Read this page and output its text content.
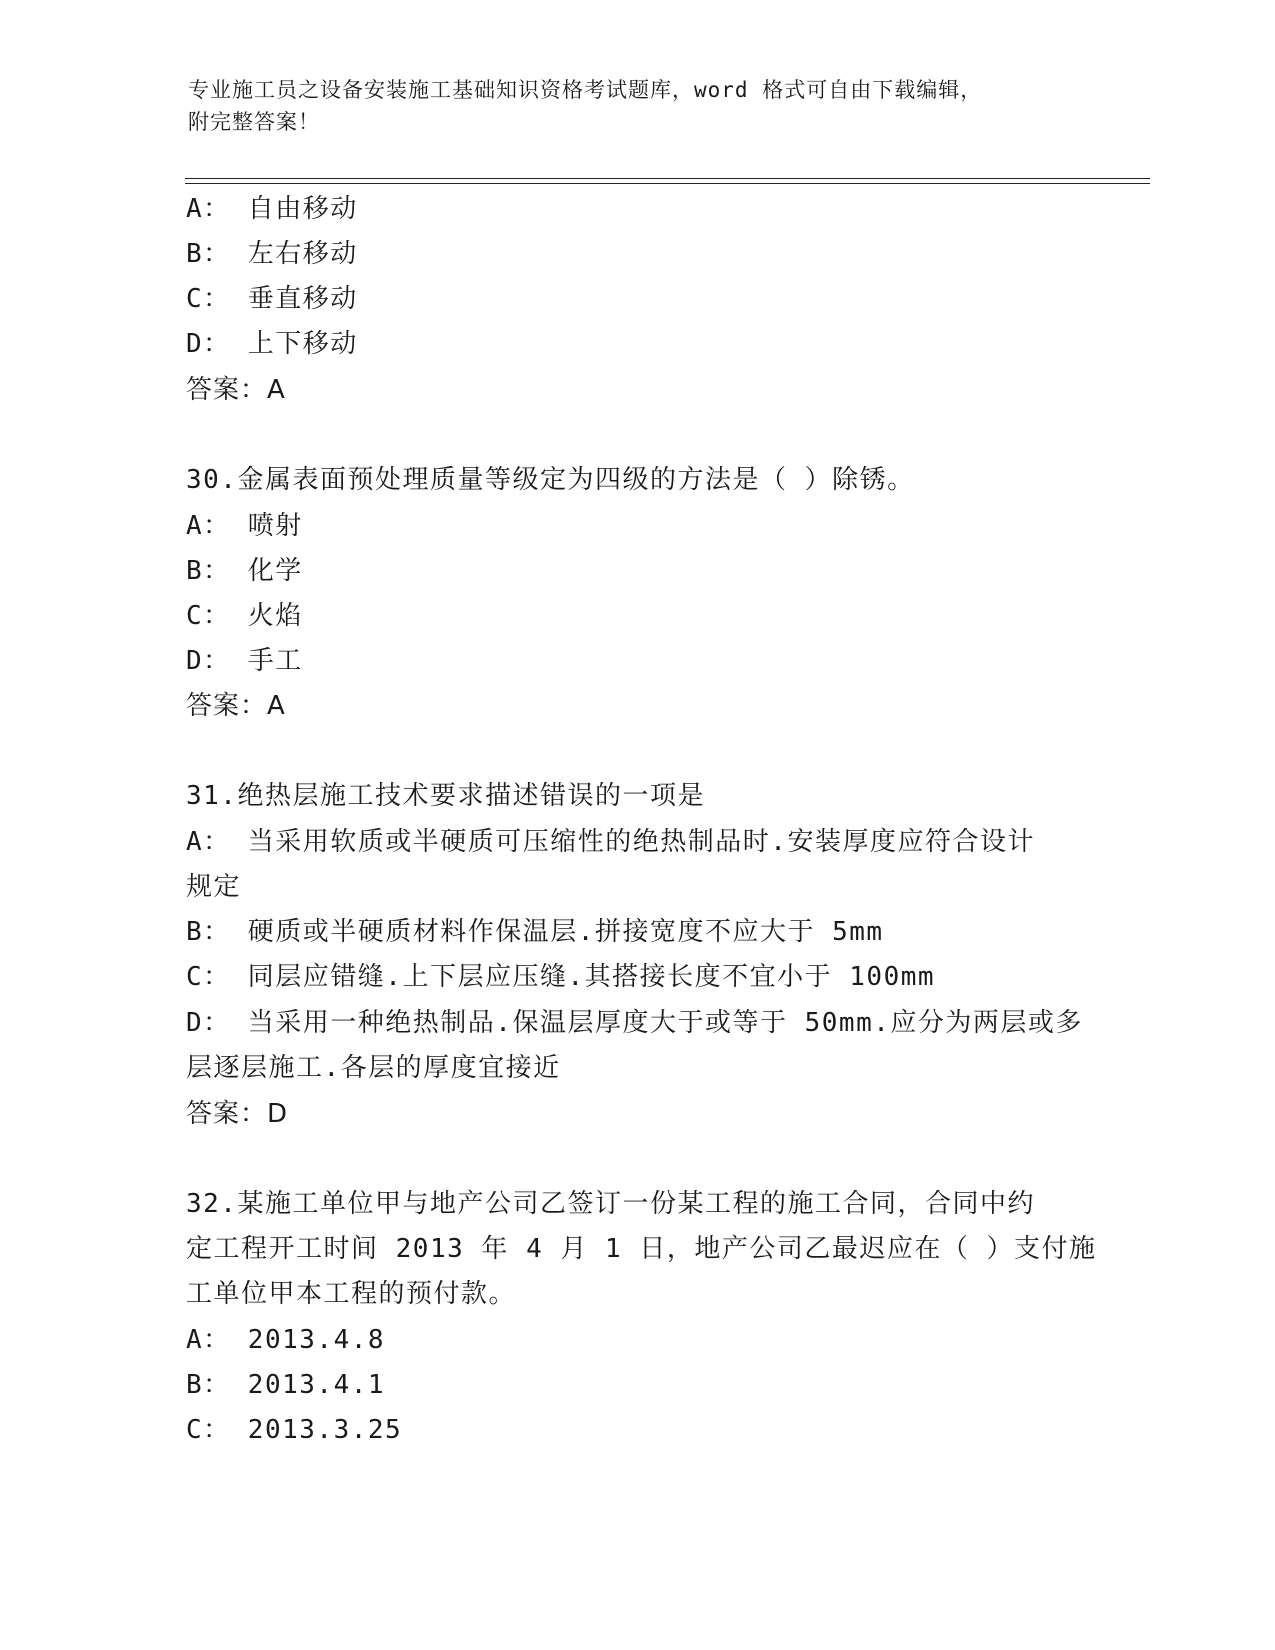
专业施工员之设备安装施工基础知识资格考试题库，word 格式可自由下载编辑，
附完整答案！
A： 自由移动
B： 左右移动
C： 垂直移动
D： 上下移动
答案：A
30.金属表面预处理质量等级定为四级的方法是（ ）除锈。
A： 喷射
B： 化学
C： 火焰
D： 手工
答案：A
31.绝热层施工技术要求描述错误的一项是
A： 当采用软质或半硬质可压缩性的绝热制品时.安装厚度应符合设计
规定
B： 硬质或半硬质材料作保温层.拼接宽度不应大于 5mm
C： 同层应错缝.上下层应压缝.其搭接长度不宜小于 100mm
D： 当采用一种绝热制品.保温层厚度大于或等于 50mm.应分为两层或多
层逐层施工.各层的厚度宜接近
答案：D
32.某施工单位甲与地产公司乙签订一份某工程的施工合同，合同中约
定工程开工时间 2013 年 4 月 1 日，地产公司乙最迟应在（ ）支付施
工单位甲本工程的预付款。
A： 2013.4.8
B： 2013.4.1
C： 2013.3.25
